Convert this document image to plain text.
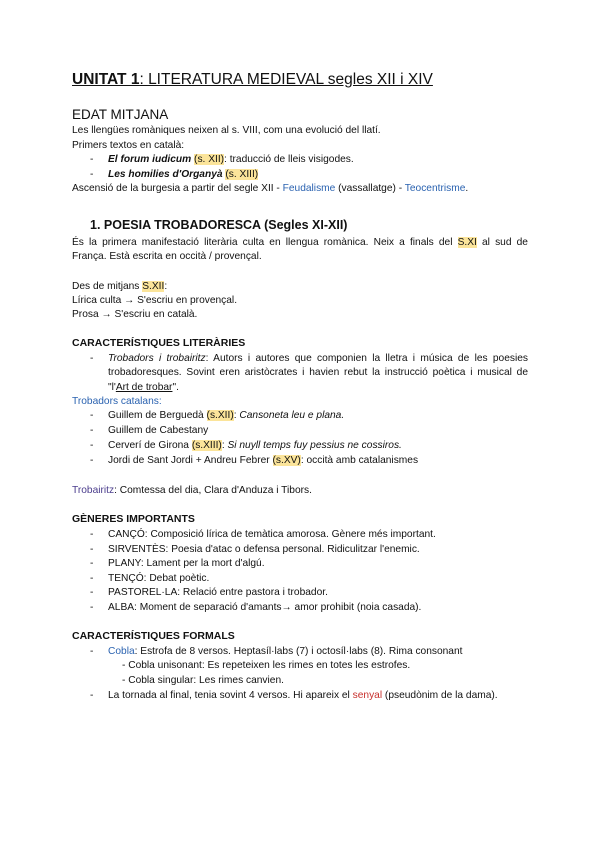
UNITAT 1: LITERATURA MEDIEVAL segles XII i XIV
EDAT MITJANA
Les llengües romàniques neixen al s. VIII, com una evolució del llatí.
Primers textos en català:
- El forum iudicum (s. XII): traducció de lleis visigodes.
- Les homilies d'Organyà (s. XIII)
Ascensió de la burgesia a partir del segle XII - Feudalisme (vassallatge) - Teocentrisme.
1. POESIA TROBADORESCA (Segles XI-XII)
És la primera manifestació literària culta en llengua romànica. Neix a finals del S.XI al sud de França. Està escrita en occità / provençal.
Des de mitjans S.XII:
Lírica culta → S'escriu en provençal.
Prosa → S'escriu en català.
CARACTERÍSTIQUES LITERÀRIES
- Trobadors i trobairitz: Autors i autores que componien la lletra i música de les poesies trobadoresques. Sovint eren aristòcrates i havien rebut la instrucció poètica i musical de "l'Art de trobar".
Trobadors catalans:
- Guillem de Berguedà (s.XII): Cansoneta leu e plana.
- Guillem de Cabestany
- Cerverí de Girona (s.XIII): Si nuyll temps fuy pessius ne cossiros.
- Jordi de Sant Jordi + Andreu Febrer (s.XV): occità amb catalanismes
Trobairitz: Comtessa del dia, Clara d'Anduza i Tibors.
GÈNERES IMPORTANTS
- CANÇÓ: Composició lírica de temàtica amorosa. Gènere més important.
- SIRVENTÈS: Poesia d'atac o defensa personal. Ridiculitzar l'enemic.
- PLANY: Lament per la mort d'algú.
- TENÇÓ: Debat poètic.
- PASTOREL·LA: Relació entre pastora i trobador.
- ALBA: Moment de separació d'amants→ amor prohibit (noia casada).
CARACTERÍSTIQUES FORMALS
- Cobla: Estrofa de 8 versos. Heptasíl·labs (7) i octosíl·labs (8). Rima consonant
- Cobla unisonant: Es repeteixen les rimes en totes les estrofes.
- Cobla singular: Les rimes canvien.
- La tornada al final, tenia sovint 4 versos. Hi apareix el senyal (pseudònim de la dama).
